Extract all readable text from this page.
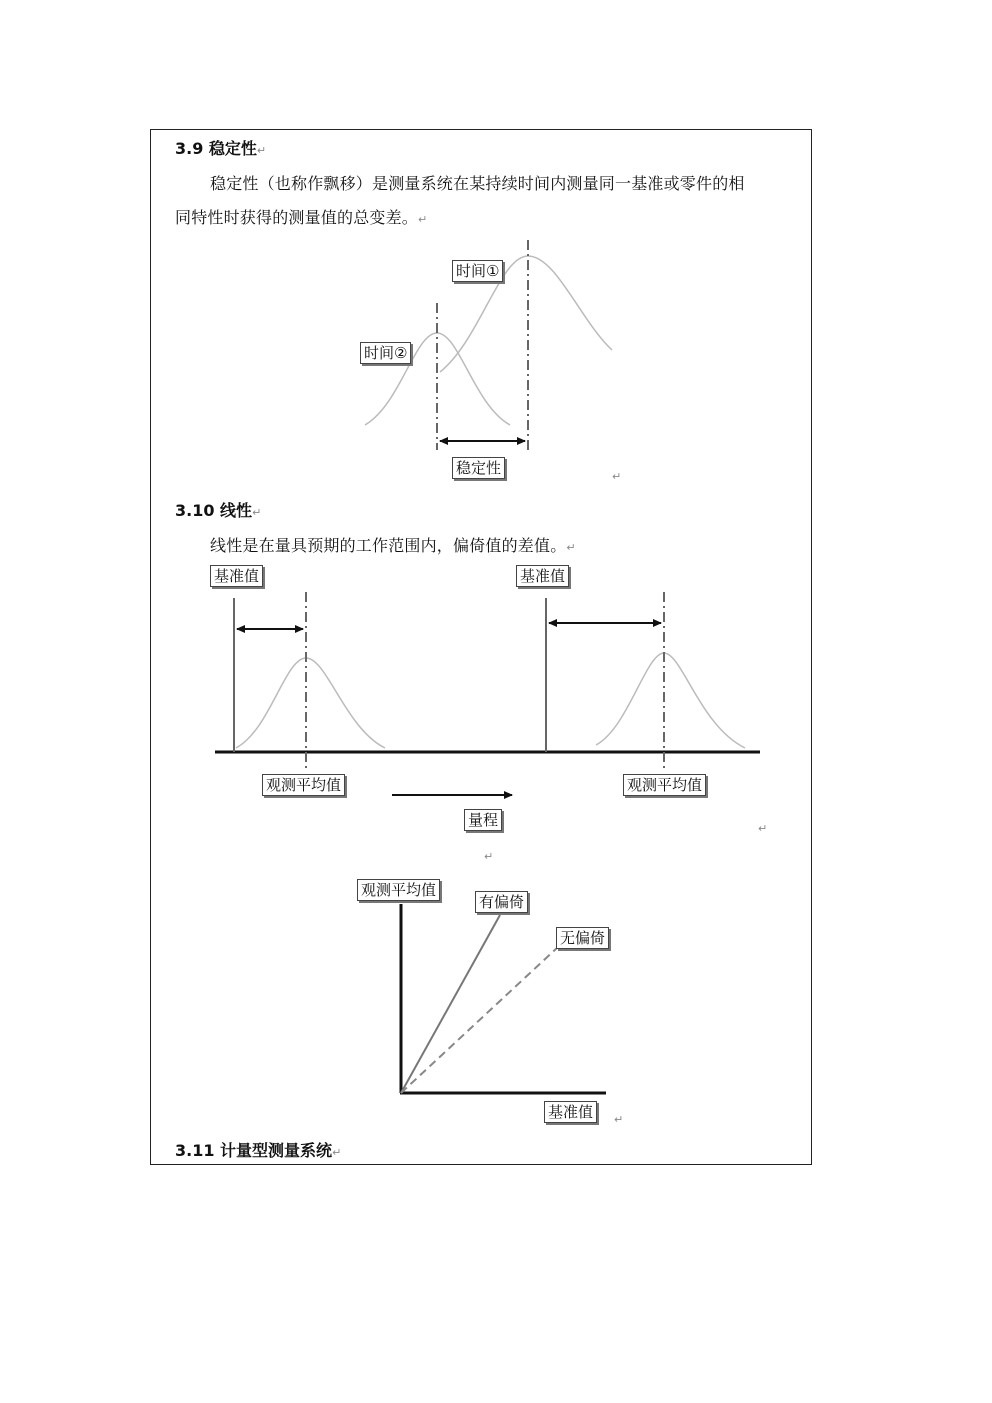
3.9 稳定性↵
稳定性（也称作飘移）是测量系统在某持续时间内测量同一基准或零件的相
同特性时获得的测量值的总变差。↵
时间①
时间②
稳定性	↵
3.10 线性↵
线性是在量具预期的工作范围内，偏倚值的差值。↵
基准值	基准值
观测平均值	观测平均值
量程	↵
↵
观测平均值
有偏倚
无偏倚
基准值	↵
3.11 计量型测量系统↵
